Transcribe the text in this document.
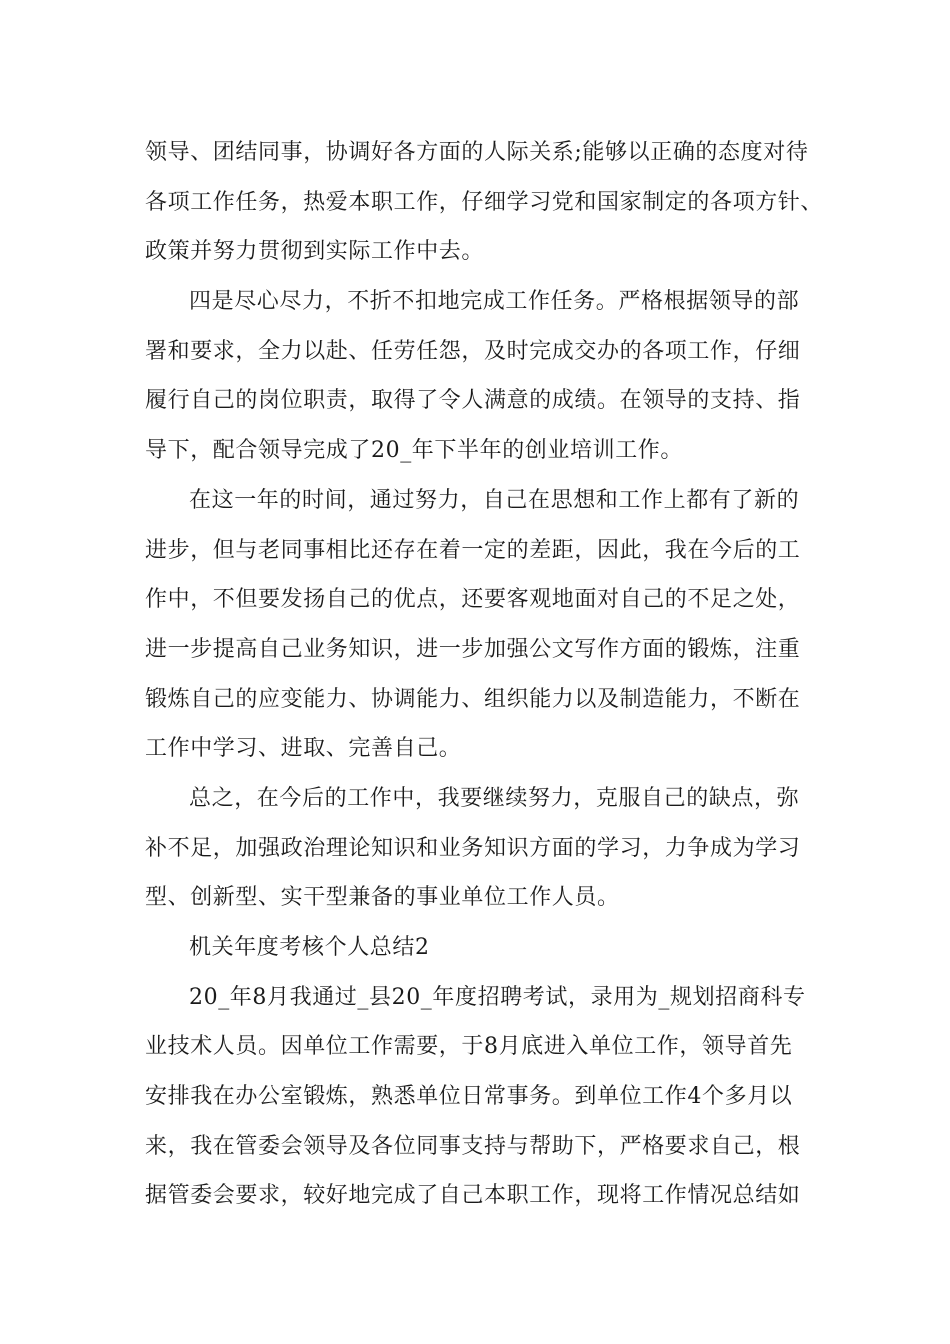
领导、团结同事，协调好各方面的人际关系;能够以正确的态度对待
各项工作任务，热爱本职工作，仔细学习党和国家制定的各项方针、
政策并努力贯彻到实际工作中去。
四是尽心尽力，不折不扣地完成工作任务。严格根据领导的部
署和要求，全力以赴、任劳任怨，及时完成交办的各项工作，仔细
履行自己的岗位职责，取得了令人满意的成绩。在领导的支持、指
导下，配合领导完成了20_年下半年的创业培训工作。
在这一年的时间，通过努力，自己在思想和工作上都有了新的
进步，但与老同事相比还存在着一定的差距，因此，我在今后的工
作中，不但要发扬自己的优点，还要客观地面对自己的不足之处，
进一步提高自己业务知识，进一步加强公文写作方面的锻炼，注重
锻炼自己的应变能力、协调能力、组织能力以及制造能力，不断在
工作中学习、进取、完善自己。
总之，在今后的工作中，我要继续努力，克服自己的缺点，弥
补不足，加强政治理论知识和业务知识方面的学习，力争成为学习
型、创新型、实干型兼备的事业单位工作人员。
机关年度考核个人总结2
20_年8月我通过_县20_年度招聘考试，录用为_规划招商科专
业技术人员。因单位工作需要，于8月底进入单位工作，领导首先
安排我在办公室锻炼，熟悉单位日常事务。到单位工作4个多月以
来，我在管委会领导及各位同事支持与帮助下，严格要求自己，根
据管委会要求，较好地完成了自己本职工作，现将工作情况总结如
